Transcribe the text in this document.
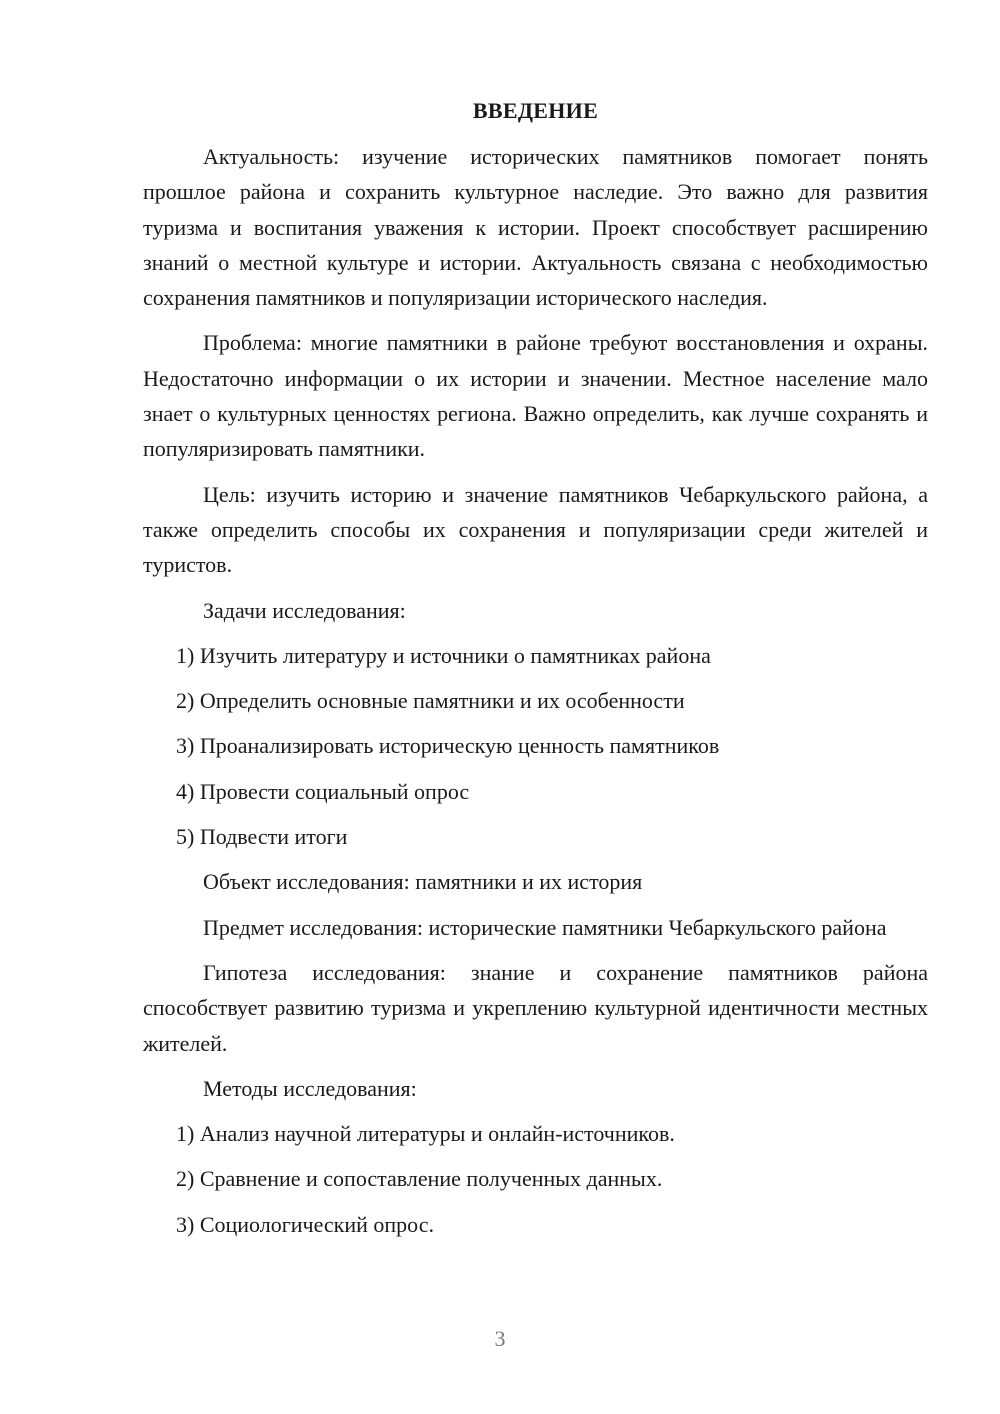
ВВЕДЕНИЕ

Актуальность: изучение исторических памятников помогает понять прошлое района и сохранить культурное наследие. Это важно для развития туризма и воспитания уважения к истории. Проект способствует расширению знаний о местной культуре и истории. Актуальность связана с необходимостью сохранения памятников и популяризации исторического наследия.

Проблема: многие памятники в районе требуют восстановления и охраны. Недостаточно информации о их истории и значении. Местное население мало знает о культурных ценностях региона. Важно определить, как лучше сохранять и популяризировать памятники.

Цель: изучить историю и значение памятников Чебаркульского района, а также определить способы их сохранения и популяризации среди жителей и туристов.

Задачи исследования:

1) Изучить литературу и источники о памятниках района
2) Определить основные памятники и их особенности
3) Проанализировать историческую ценность памятников
4) Провести социальный опрос
5) Подвести итоги

Объект исследования: памятники и их история

Предмет исследования: исторические памятники Чебаркульского района

Гипотеза исследования: знание и сохранение памятников района способствует развитию туризма и укреплению культурной идентичности местных жителей.

Методы исследования:

1) Анализ научной литературы и онлайн-источников.
2) Сравнение и сопоставление полученных данных.
3) Социологический опрос.
3
